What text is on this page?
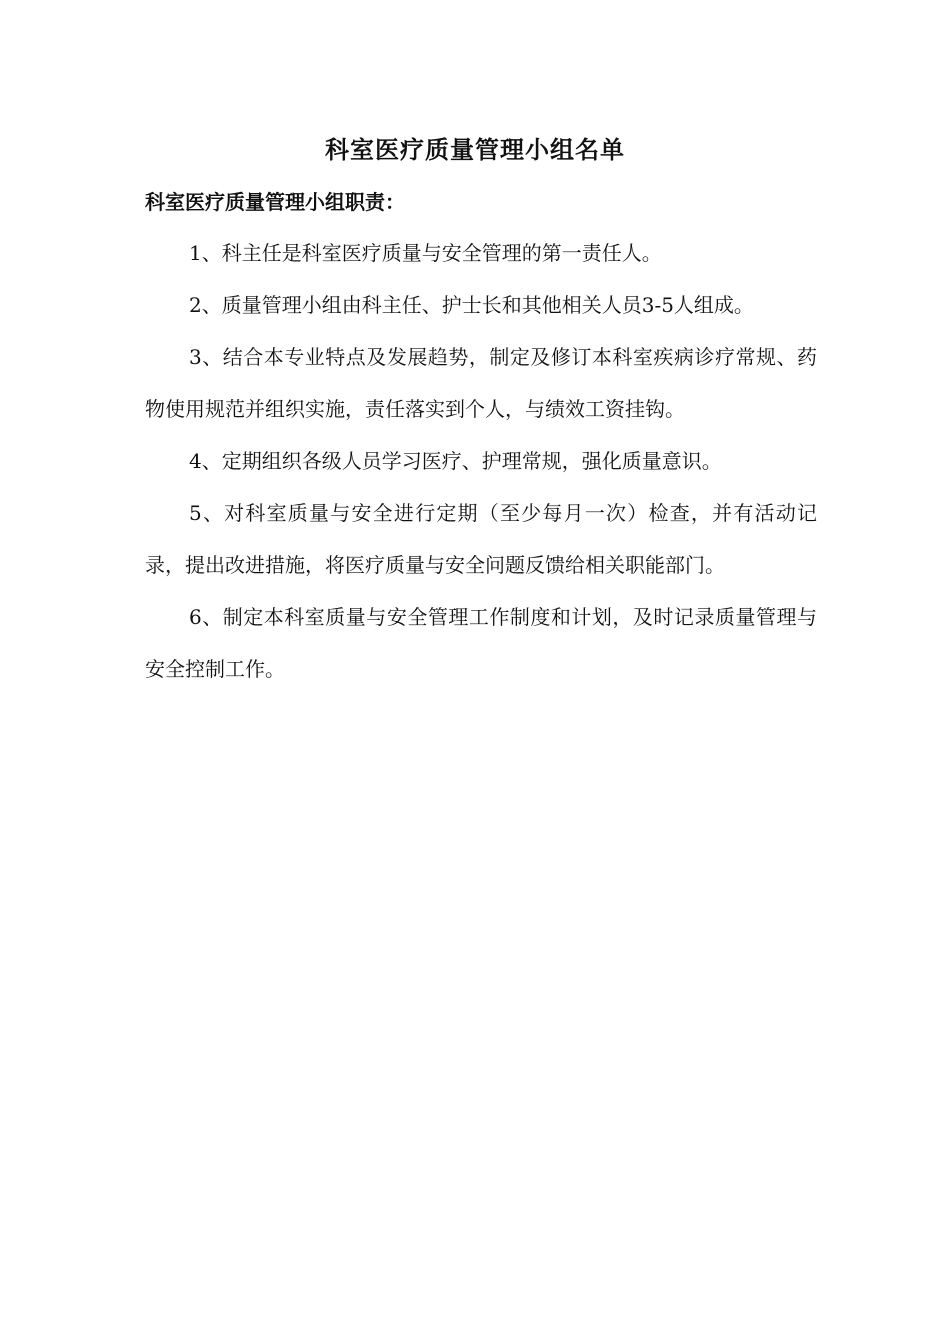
科室医疗质量管理小组名单
科室医疗质量管理小组职责：

1、科主任是科室医疗质量与安全管理的第一责任人。

2、质量管理小组由科主任、护士长和其他相关人员3-5人组成。

3、结合本专业特点及发展趋势，制定及修订本科室疾病诊疗常规、药物使用规范并组织实施，责任落实到个人，与绩效工资挂钩。

4、定期组织各级人员学习医疗、护理常规，强化质量意识。

5、对科室质量与安全进行定期（至少每月一次）检查，并有活动记录，提出改进措施，将医疗质量与安全问题反馈给相关职能部门。

6、制定本科室质量与安全管理工作制度和计划，及时记录质量管理与安全控制工作。
